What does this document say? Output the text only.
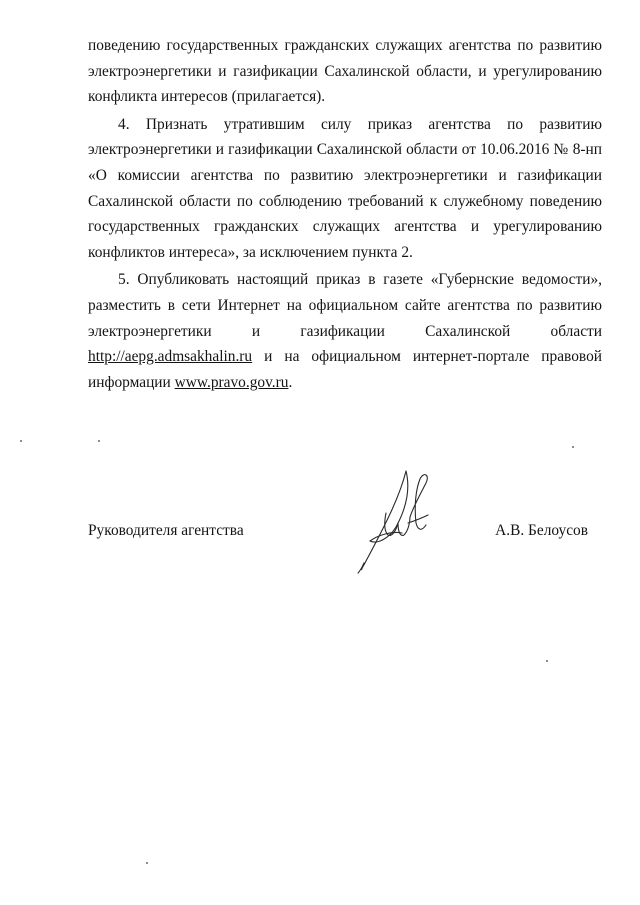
поведению государственных гражданских служащих агентства по развитию
электроэнергетики и газификации Сахалинской области, и урегулированию
конфликта интересов (прилагается).
4. Признать утратившим силу приказ агентства по развитию
электроэнергетики и газификации Сахалинской области от 10.06.2016 № 8-нп
«О комиссии агентства по развитию электроэнергетики и газификации
Сахалинской области по соблюдению требований к служебному поведению
государственных гражданских служащих агентства и урегулированию
конфликтов интереса», за исключением пункта 2.
5. Опубликовать настоящий приказ в газете «Губернские ведомости»,
разместить в сети Интернет на официальном сайте агентства по развитию
электроэнергетики и газификации Сахалинской области
http://aepg.admsakhalin.ru и на официальном интернет-портале правовой
информации www.pravo.gov.ru.
Руководителя агентства	А.В. Белоусов
